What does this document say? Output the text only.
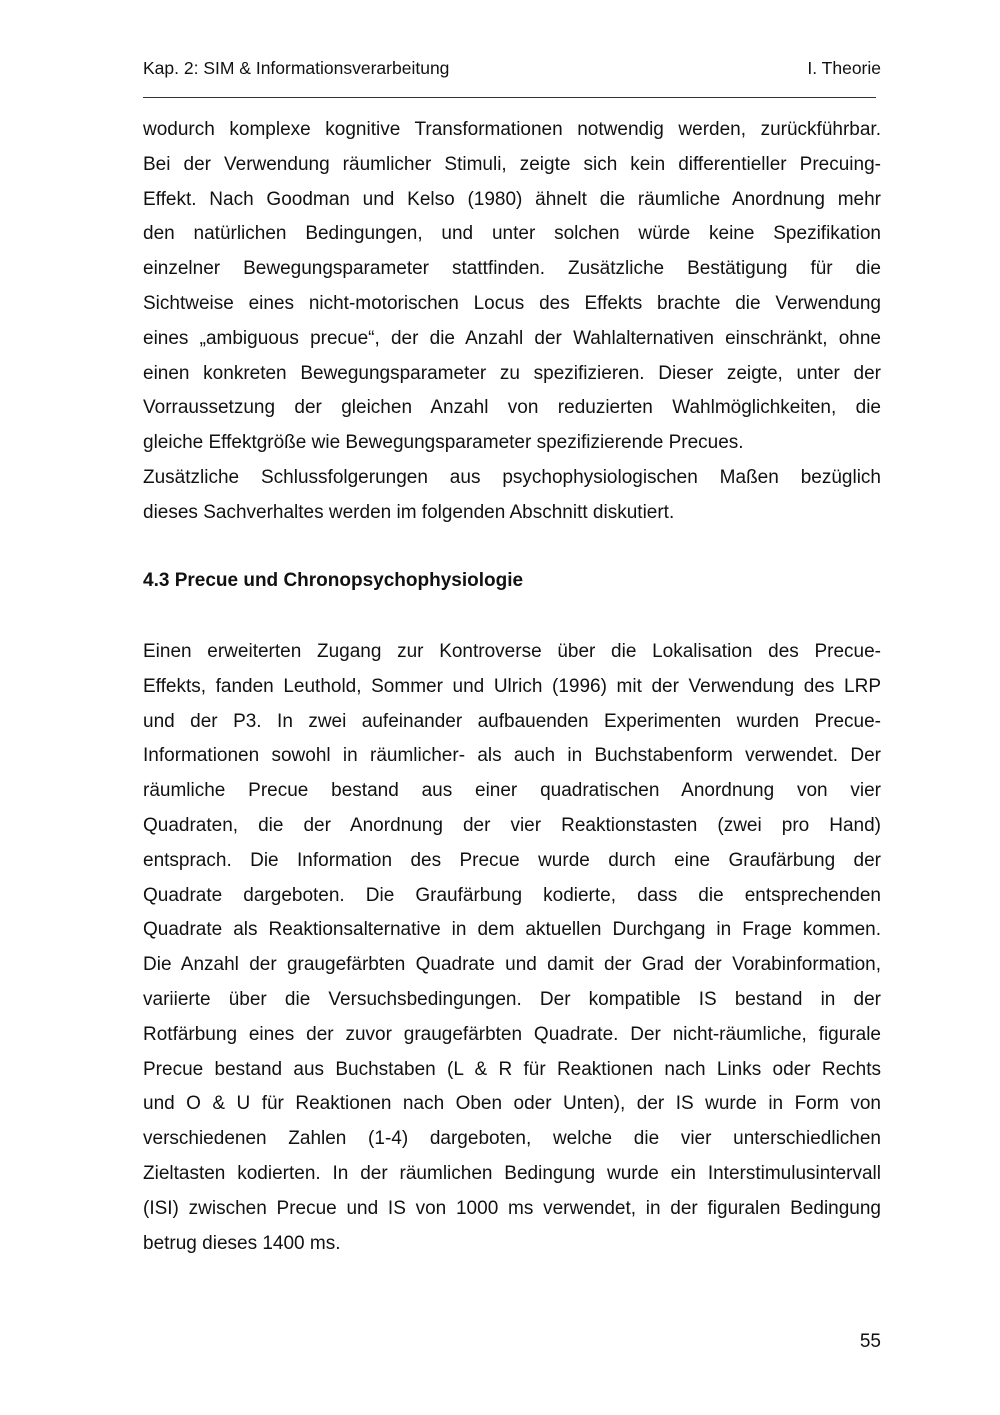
Kap. 2: SIM & Informationsverarbeitung	I. Theorie
wodurch komplexe kognitive Transformationen notwendig werden, zurückführbar.
Bei der Verwendung räumlicher Stimuli, zeigte sich kein differentieller Precuing-
Effekt. Nach Goodman und Kelso (1980) ähnelt die räumliche Anordnung mehr
den natürlichen Bedingungen, und unter solchen würde keine Spezifikation
einzelner Bewegungsparameter stattfinden. Zusätzliche Bestätigung für die
Sichtweise eines nicht-motorischen Locus des Effekts brachte die Verwendung
eines „ambiguous precue“, der die Anzahl der Wahlalternativen einschränkt, ohne
einen konkreten Bewegungsparameter zu spezifizieren. Dieser zeigte, unter der
Vorraussetzung der gleichen Anzahl von reduzierten Wahlmöglichkeiten, die
gleiche Effektgröße wie Bewegungsparameter spezifizierende Precues.
Zusätzliche Schlussfolgerungen aus psychophysiologischen Maßen bezüglich
dieses Sachverhaltes werden im folgenden Abschnitt diskutiert.
4.3 Precue und Chronopsychophysiologie
Einen erweiterten Zugang zur Kontroverse über die Lokalisation des Precue-
Effekts, fanden Leuthold, Sommer und Ulrich (1996) mit der Verwendung des LRP
und der P3. In zwei aufeinander aufbauenden Experimenten wurden Precue-
Informationen sowohl in räumlicher- als auch in Buchstabenform verwendet. Der
räumliche Precue bestand aus einer quadratischen Anordnung von vier
Quadraten, die der Anordnung der vier Reaktionstasten (zwei pro Hand)
entsprach. Die Information des Precue wurde durch eine Graufärbung der
Quadrate dargeboten. Die Graufärbung kodierte, dass die entsprechenden
Quadrate als Reaktionsalternative in dem aktuellen Durchgang in Frage kommen.
Die Anzahl der graugefärbten Quadrate und damit der Grad der Vorabinformation,
variierte über die Versuchsbedingungen. Der kompatible IS bestand in der
Rotfärbung eines der zuvor graugefärbten Quadrate. Der nicht-räumliche, figurale
Precue bestand aus Buchstaben (L & R für Reaktionen nach Links oder Rechts
und O & U für Reaktionen nach Oben oder Unten), der IS wurde in Form von
verschiedenen Zahlen (1-4) dargeboten, welche die vier unterschiedlichen
Zieltasten kodierten. In der räumlichen Bedingung wurde ein Interstimulusintervall
(ISI) zwischen Precue und IS von 1000 ms verwendet, in der figuralen Bedingung
betrug dieses 1400 ms.
55
